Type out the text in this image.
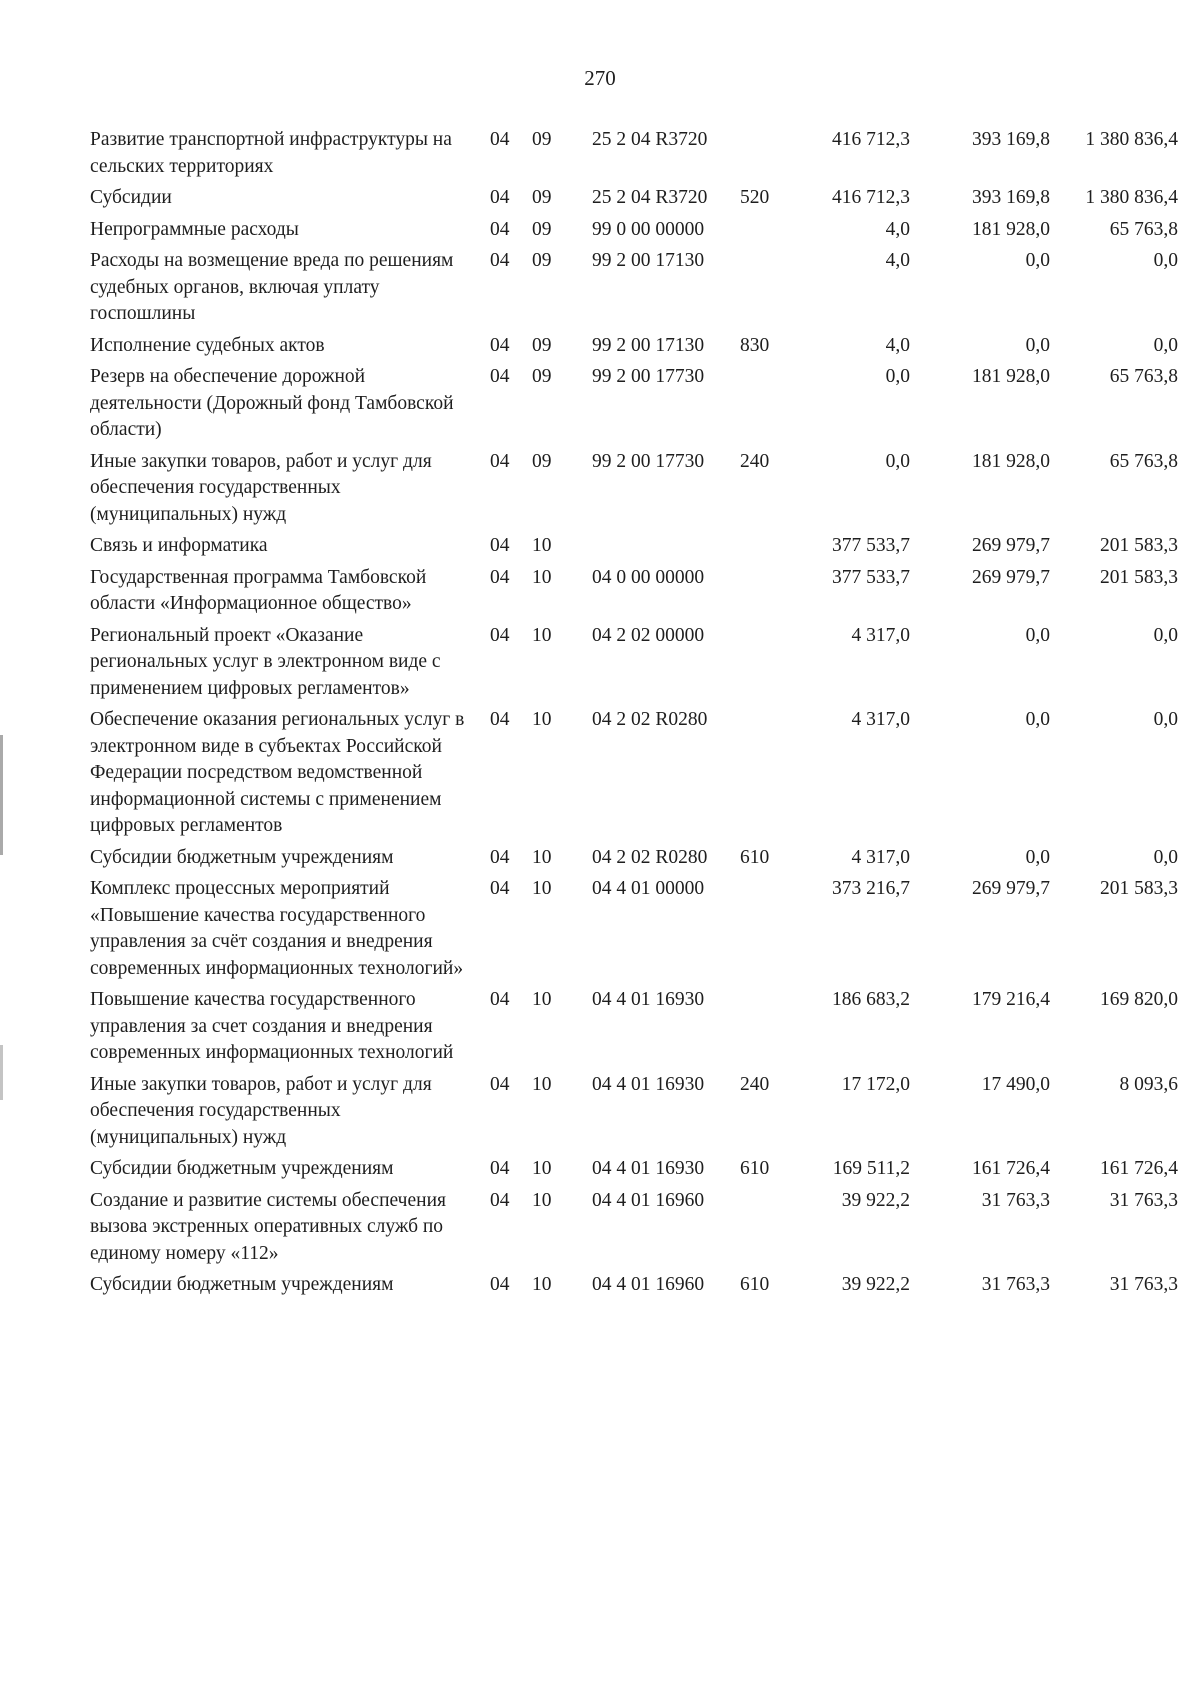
270
Развитие транспортной инфраструктуры на сельских территориях	04	09	25 2 04 R3720		416 712,3	393 169,8	1 380 836,4
Субсидии	04	09	25 2 04 R3720	520	416 712,3	393 169,8	1 380 836,4
Непрограммные расходы	04	09	99 0 00 00000		4,0	181 928,0	65 763,8
Расходы на возмещение вреда по решениям судебных органов, включая уплату госпошлины	04	09	99 2 00 17130		4,0	0,0	0,0
Исполнение судебных актов	04	09	99 2 00 17130	830	4,0	0,0	0,0
Резерв на обеспечение дорожной деятельности (Дорожный фонд Тамбовской области)	04	09	99 2 00 17730		0,0	181 928,0	65 763,8
Иные закупки товаров, работ и услуг для обеспечения государственных (муниципальных) нужд	04	09	99 2 00 17730	240	0,0	181 928,0	65 763,8
Связь и информатика	04	10			377 533,7	269 979,7	201 583,3
Государственная программа Тамбовской области «Информационное общество»	04	10	04 0 00 00000		377 533,7	269 979,7	201 583,3
Региональный проект «Оказание региональных услуг в электронном виде с применением цифровых регламентов»	04	10	04 2 02 00000		4 317,0	0,0	0,0
Обеспечение оказания региональных услуг в электронном виде в субъектах Российской Федерации посредством ведомственной информационной системы с применением цифровых регламентов	04	10	04 2 02 R0280		4 317,0	0,0	0,0
Субсидии бюджетным учреждениям	04	10	04 2 02 R0280	610	4 317,0	0,0	0,0
Комплекс процессных мероприятий «Повышение качества государственного управления за счёт создания и внедрения современных информационных технологий»	04	10	04 4 01 00000		373 216,7	269 979,7	201 583,3
Повышение качества государственного управления за счет создания и внедрения современных информационных технологий	04	10	04 4 01 16930		186 683,2	179 216,4	169 820,0
Иные закупки товаров, работ и услуг для обеспечения государственных (муниципальных) нужд	04	10	04 4 01 16930	240	17 172,0	17 490,0	8 093,6
Субсидии бюджетным учреждениям	04	10	04 4 01 16930	610	169 511,2	161 726,4	161 726,4
Создание и развитие системы обеспечения вызова экстренных оперативных служб по единому номеру «112»	04	10	04 4 01 16960		39 922,2	31 763,3	31 763,3
Субсидии бюджетным учреждениям	04	10	04 4 01 16960	610	39 922,2	31 763,3	31 763,3
